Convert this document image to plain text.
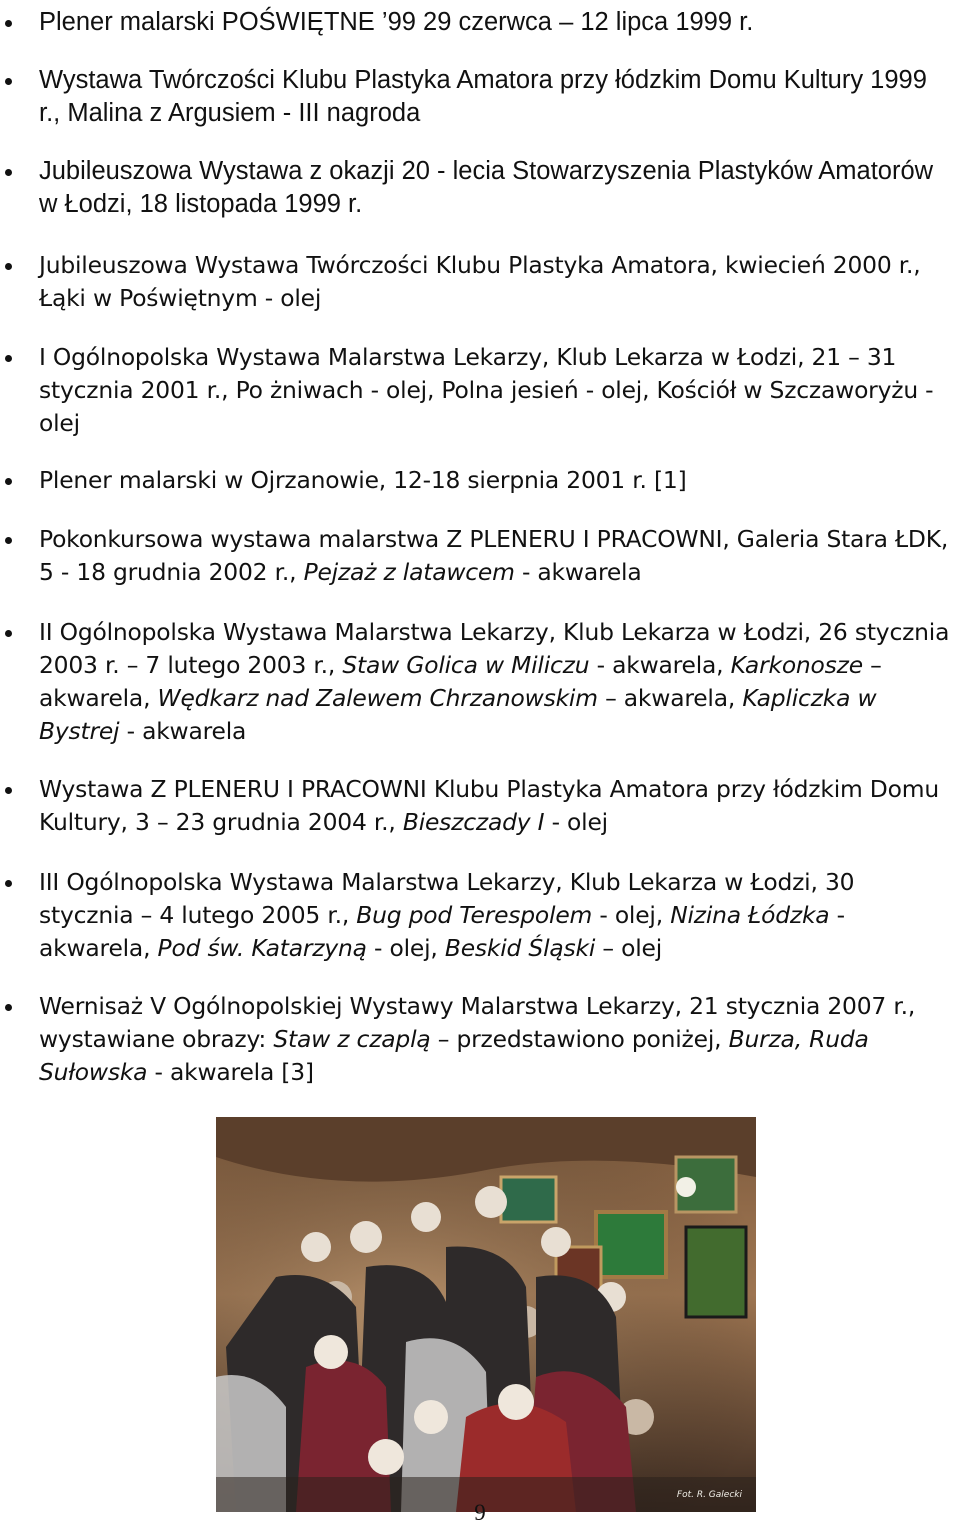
Plener malarski POŚWIĘTNE ’99 29 czerwca – 12 lipca 1999 r.
Wystawa Twórczości Klubu Plastyka Amatora przy łódzkim Domu Kultury 1999 r., Malina z Argusiem - III nagroda
Jubileuszowa Wystawa z okazji 20 - lecia Stowarzyszenia Plastyków Amatorów w Łodzi, 18 listopada 1999 r.
Jubileuszowa Wystawa Twórczości Klubu Plastyka Amatora, kwiecień 2000 r., Łąki w Poświętnym - olej
I Ogólnopolska Wystawa Malarstwa Lekarzy, Klub Lekarza w Łodzi, 21 – 31 stycznia 2001 r., Po żniwach - olej, Polna jesień - olej, Kościół w Szczaworyżu - olej
Plener malarski w Ojrzanowie, 12-18 sierpnia 2001 r. [1]
Pokonkursowa wystawa malarstwa Z PLENERU I PRACOWNI, Galeria Stara ŁDK, 5 - 18 grudnia 2002 r., Pejzaż z latawcem - akwarela
II Ogólnopolska Wystawa Malarstwa Lekarzy, Klub Lekarza w Łodzi, 26 stycznia 2003 r. – 7 lutego 2003 r., Staw Golica w Miliczu - akwarela, Karkonosze – akwarela, Wędkarz nad Zalewem Chrzanowskim – akwarela, Kapliczka w Bystrej - akwarela
Wystawa Z PLENERU I PRACOWNI Klubu Plastyka Amatora przy łódzkim Domu Kultury, 3 – 23 grudnia 2004 r., Bieszczady I - olej
III Ogólnopolska Wystawa Malarstwa Lekarzy, Klub Lekarza w Łodzi, 30 stycznia – 4 lutego 2005 r., Bug pod Terespolem - olej, Nizina Łódzka - akwarela, Pod św. Katarzyną - olej, Beskid Śląski – olej
Wernisaż V Ogólnopolskiej Wystawy Malarstwa Lekarzy, 21 stycznia 2007 r., wystawiane obrazy: Staw z czaplą – przedstawiono poniżej, Burza, Ruda Sułowska - akwarela [3]
Fot. R. Galecki
9
